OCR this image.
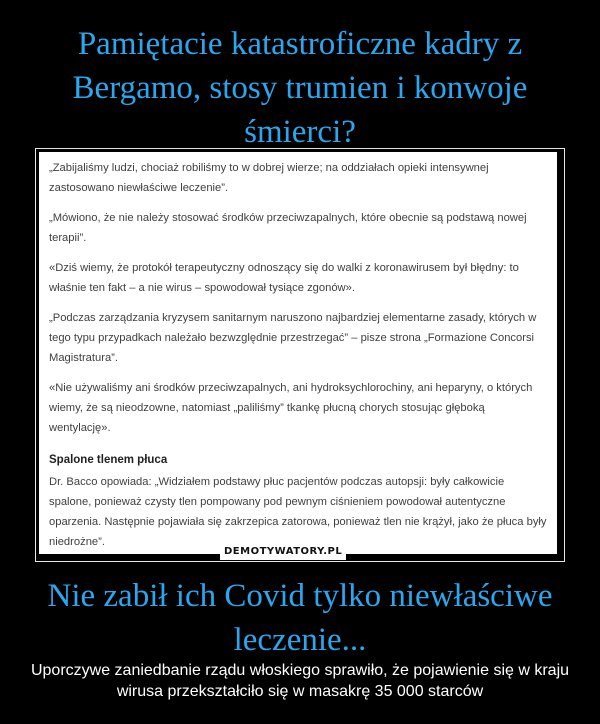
Pamiętacie katastroficzne kadry z Bergamo, stosy trumien i konwoje śmierci?

„Zabijaliśmy ludzi, chociaż robiliśmy to w dobrej wierze; na oddziałach opieki intensywnej zastosowano niewłaściwe leczenie”.

„Mówiono, że nie należy stosować środków przeciwzapalnych, które obecnie są podstawą nowej terapii”.

«Dziś wiemy, że protokół terapeutyczny odnoszący się do walki z koronawirusem był błędny: to właśnie ten fakt – a nie wirus – spowodował tysiące zgonów».

„Podczas zarządzania kryzysem sanitarnym naruszono najbardziej elementarne zasady, których w tego typu przypadkach należało bezwzględnie przestrzegać” – pisze strona „Formazione Concorsi Magistratura”.

«Nie używaliśmy ani środków przeciwzapalnych, ani hydroksychlorochiny, ani heparyny, o których wiemy, że są nieodzowne, natomiast „paliliśmy” tkankę płucną chorych stosując głęboką wentylację».

Spalone tlenem płuca

Dr. Bacco opowiada: „Widziałem podstawy płuc pacjentów podczas autopsji: były całkowicie spalone, ponieważ czysty tlen pompowany pod pewnym ciśnieniem powodował autentyczne oparzenia. Następnie pojawiała się zakrzepica zatorowa, ponieważ tlen nie krążył, jako że płuca były niedrożne”.

DEMOTYWATORY.PL
Nie zabił ich Covid tylko niewłaściwe leczenie...
Uporczywe zaniedbanie rządu włoskiego sprawiło, że pojawienie się w kraju wirusa przekształciło się w masakrę 35 000 starców
